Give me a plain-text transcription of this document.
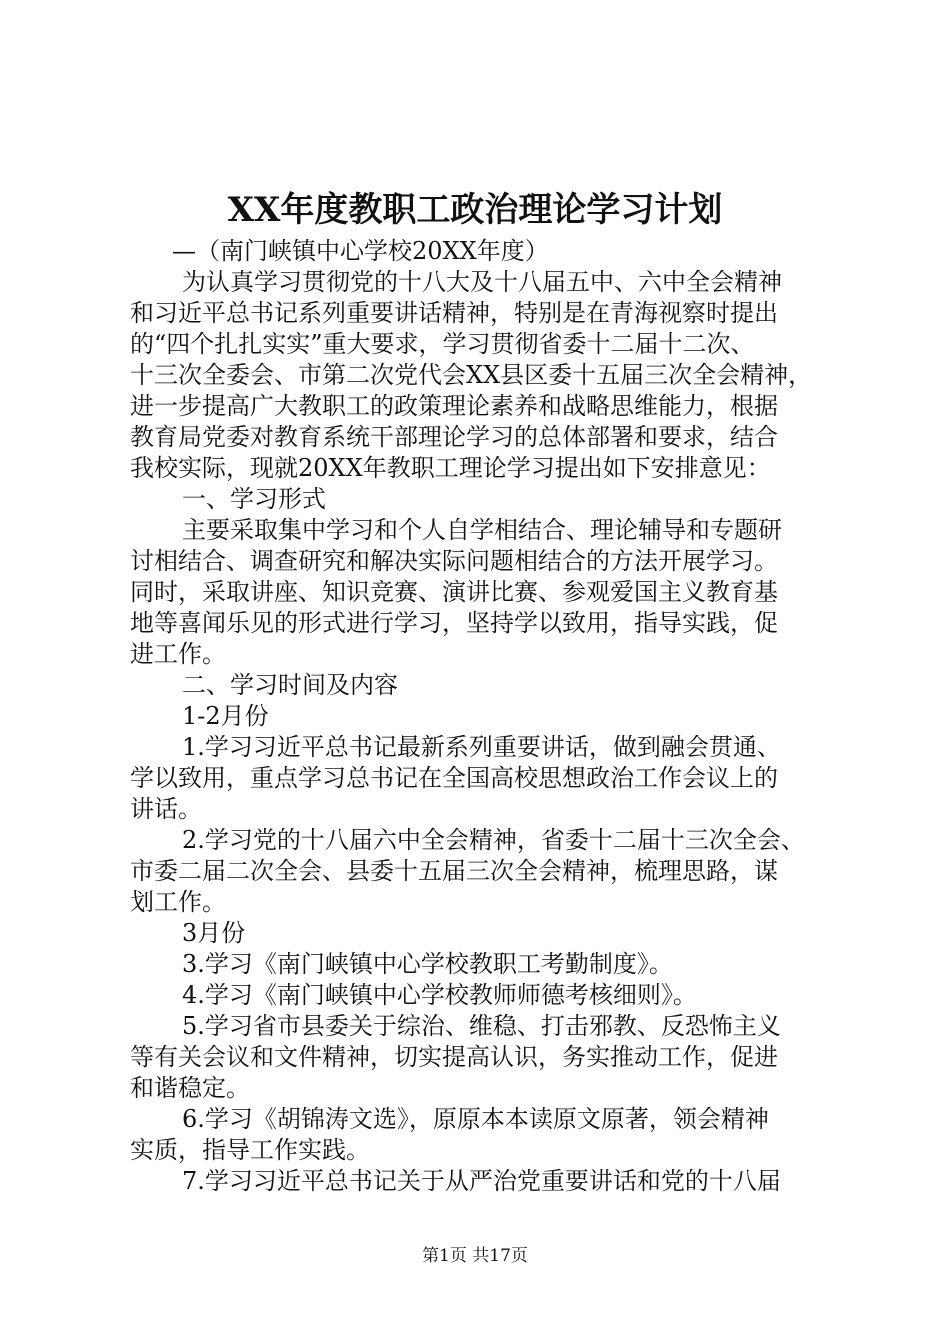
XX年度教职工政治理论学习计划
—（南门峡镇中心学校20XX年度）
为认真学习贯彻党的十八大及十八届五中、六中全会精神
和习近平总书记系列重要讲话精神，特别是在青海视察时提出
的“四个扎扎实实”重大要求，学习贯彻省委十二届十二次、
十三次全委会、市第二次党代会XX县区委十五届三次全会精神，
进一步提高广大教职工的政策理论素养和战略思维能力，根据
教育局党委对教育系统干部理论学习的总体部署和要求，结合
我校实际，现就20XX年教职工理论学习提出如下安排意见：
一、学习形式
主要采取集中学习和个人自学相结合、理论辅导和专题研
讨相结合、调查研究和解决实际问题相结合的方法开展学习。
同时，采取讲座、知识竞赛、演讲比赛、参观爱国主义教育基
地等喜闻乐见的形式进行学习，坚持学以致用，指导实践，促
进工作。
二、学习时间及内容
1-2月份
1.学习习近平总书记最新系列重要讲话，做到融会贯通、
学以致用，重点学习总书记在全国高校思想政治工作会议上的
讲话。
2.学习党的十八届六中全会精神，省委十二届十三次全会、
市委二届二次全会、县委十五届三次全会精神，梳理思路，谋
划工作。
3月份
3.学习《南门峡镇中心学校教职工考勤制度》。
4.学习《南门峡镇中心学校教师师德考核细则》。
5.学习省市县委关于综治、维稳、打击邪教、反恐怖主义
等有关会议和文件精神，切实提高认识，务实推动工作，促进
和谐稳定。
6.学习《胡锦涛文选》，原原本本读原文原著，领会精神
实质，指导工作实践。
7.学习习近平总书记关于从严治党重要讲话和党的十八届
第1页 共17页
